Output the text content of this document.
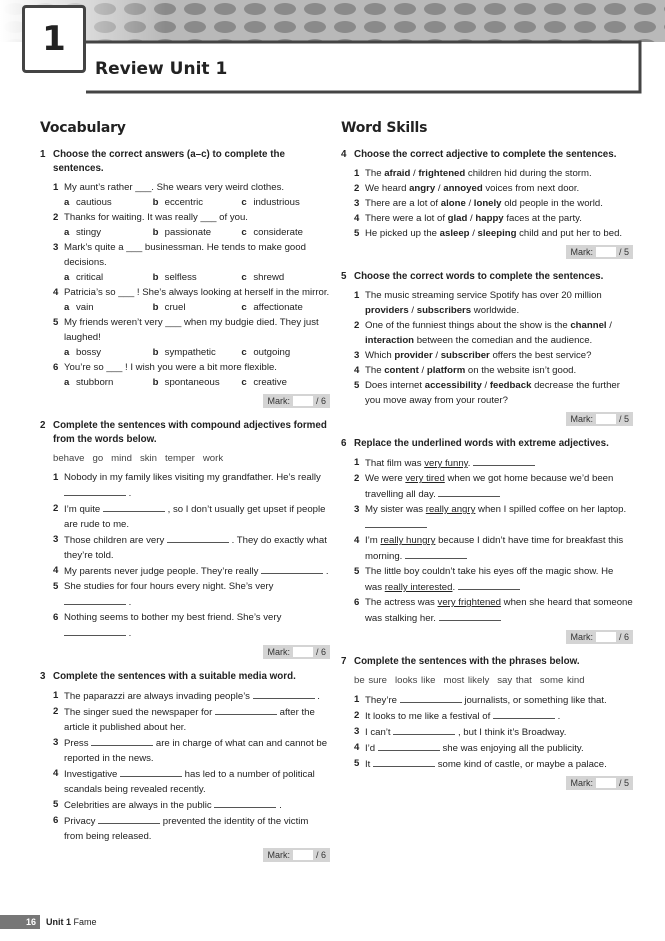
1
Review Unit 1
Vocabulary
1 Choose the correct answers (a–c) to complete the sentences.
1 My aunt’s rather ___. She wears very weird clothes.
a cautious	b eccentric	c industrious
2 Thanks for waiting. It was really ___ of you.
a stingy	b passionate	c considerate
3 Mark’s quite a ___ businessman. He tends to make good decisions.
a critical	b selfless	c shrewd
4 Patricia’s so ___ ! She’s always looking at herself in the mirror.
a vain	b cruel	c affectionate
5 My friends weren’t very ___ when my budgie died. They just laughed!
a bossy	b sympathetic	c outgoing
6 You’re so ___ ! I wish you were a bit more flexible.
a stubborn	b spontaneous c creative
Mark:	/ 6
2 Complete the sentences with compound adjectives formed from the words below.
behave go mind skin temper work
1 Nobody in my family likes visiting my grandfather. He’s really  .
2 I’m quite	, so I don’t usually get upset if people are rude to me.
3 Those children are very	. They do exactly what they’re told.
4 My parents never judge people. They’re really	.
5 She studies for four hours every night. She’s very  .
6 Nothing seems to bother my best friend. She’s very  .
Mark:	/ 6
3 Complete the sentences with a suitable media word.
1 The paparazzi are always invading people’s	.
2 The singer sued the newspaper for	after the article it published about her.
3 Press	are in charge of what can and cannot be reported in the news.
4 Investigative	has led to a number of political scandals being revealed recently.
5 Celebrities are always in the public	.
6 Privacy	prevented the identity of the victim from being released.
Mark:	/ 6
Word Skills
4 Choose the correct adjective to complete the sentences.
1 The afraid / frightened children hid during the storm.
2 We heard angry / annoyed voices from next door.
3 There are a lot of alone / lonely old people in the world.
4 There were a lot of glad / happy faces at the party.
5 He picked up the asleep / sleeping child and put her to bed.
Mark:	/ 5
5 Choose the correct words to complete the sentences.
1 The music streaming service Spotify has over 20 million providers / subscribers worldwide.
2 One of the funniest things about the show is the channel / interaction between the comedian and the audience.
3 Which provider / subscriber offers the best service?
4 The content / platform on the website isn’t good.
5 Does internet accessibility / feedback decrease the further you move away from your router?
Mark:	/ 5
6 Replace the underlined words with extreme adjectives.
1 That film was very funny.
2 We were very tired when we got home because we’d been travelling all day.
3 My sister was really angry when I spilled coffee on her laptop.
4 I’m really hungry because I didn’t have time for breakfast this morning.
5 The little boy couldn’t take his eyes off the magic show. He was really interested.
6 The actress was very frightened when she heard that someone was stalking her.
Mark:	/ 6
7 Complete the sentences with the phrases below.
be sure looks like most likely say that some kind
1 They’re	journalists, or something like that.
2 It looks to me like a festival of	.
3 I can’t	, but I think it’s Broadway.
4 I’d	she was enjoying all the publicity.
5 It	some kind of castle, or maybe a palace.
Mark:	/ 5
16	Unit 1 Fame
